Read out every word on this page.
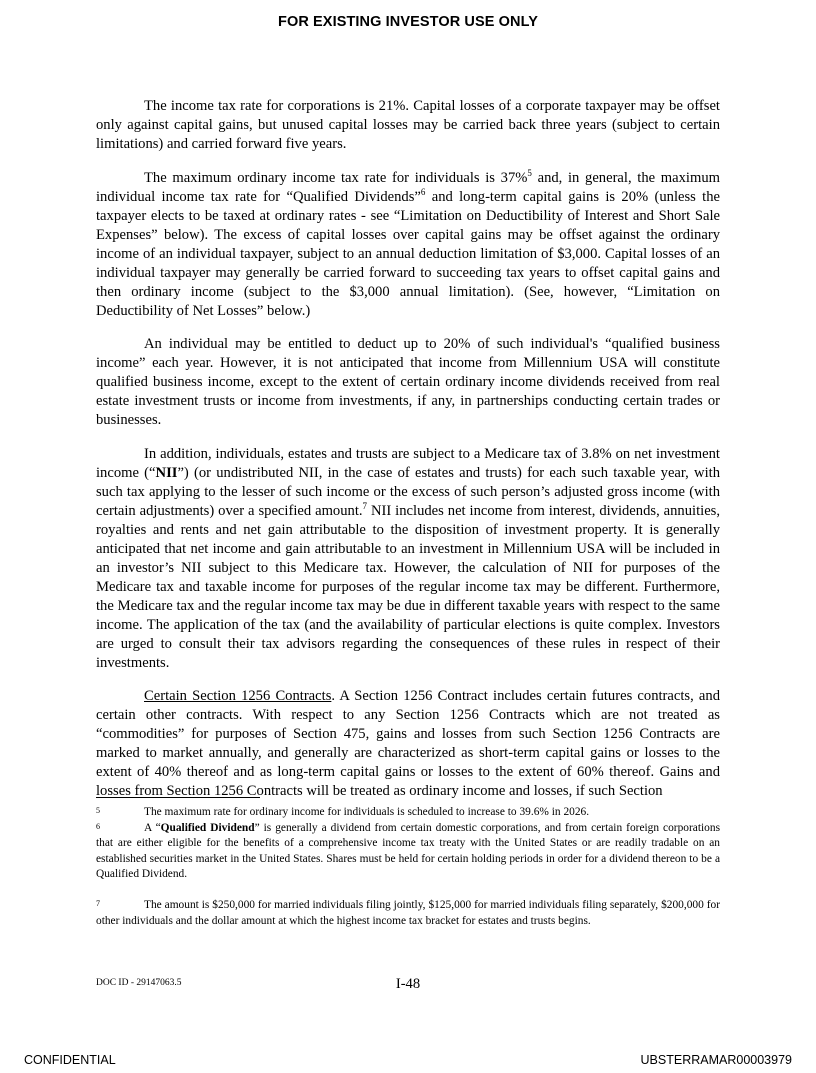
FOR EXISTING INVESTOR USE ONLY

The income tax rate for corporations is 21%. Capital losses of a corporate taxpayer may be offset only against capital gains, but unused capital losses may be carried back three years (subject to certain limitations) and carried forward five years.

The maximum ordinary income tax rate for individuals is 37%$^5$ and, in general, the maximum individual income tax rate for “Qualified Dividends”$^6$ and long-term capital gains is 20% (unless the taxpayer elects to be taxed at ordinary rates - see “Limitation on Deductibility of Interest and Short Sale Expenses” below). The excess of capital losses over capital gains may be offset against the ordinary income of an individual taxpayer, subject to an annual deduction limitation of $3,000. Capital losses of an individual taxpayer may generally be carried forward to succeeding tax years to offset capital gains and then ordinary income (subject to the $3,000 annual limitation). (See, however, “Limitation on Deductibility of Net Losses” below.)

An individual may be entitled to deduct up to 20% of such individual's “qualified business income” each year. However, it is not anticipated that income from Millennium USA will constitute qualified business income, except to the extent of certain ordinary income dividends received from real estate investment trusts or income from investments, if any, in partnerships conducting certain trades or businesses.

In addition, individuals, estates and trusts are subject to a Medicare tax of 3.8% on net investment income (“NII”) (or undistributed NII, in the case of estates and trusts) for each such taxable year, with such tax applying to the lesser of such income or the excess of such person’s adjusted gross income (with certain adjustments) over a specified amount.$^7$ NII includes net income from interest, dividends, annuities, royalties and rents and net gain attributable to the disposition of investment property. It is generally anticipated that net income and gain attributable to an investment in Millennium USA will be included in an investor’s NII subject to this Medicare tax. However, the calculation of NII for purposes of the Medicare tax and taxable income for purposes of the regular income tax may be different. Furthermore, the Medicare tax and the regular income tax may be due in different taxable years with respect to the same income. The application of the tax (and the availability of particular elections is quite complex. Investors are urged to consult their tax advisors regarding the consequences of these rules in respect of their investments.

Certain Section 1256 Contracts. A Section 1256 Contract includes certain futures contracts, and certain other contracts. With respect to any Section 1256 Contracts which are not treated as “commodities” for purposes of Section 475, gains and losses from such Section 1256 Contracts are marked to market annually, and generally are characterized as short-term capital gains or losses to the extent of 40% thereof and as long-term capital gains or losses to the extent of 60% thereof. Gains and losses from Section 1256 Contracts will be treated as ordinary income and losses, if such Section

5	The maximum rate for ordinary income for individuals is scheduled to increase to 39.6% in 2026.
6	A “Qualified Dividend” is generally a dividend from certain domestic corporations, and from certain foreign corporations that are either eligible for the benefits of a comprehensive income tax treaty with the United States or are readily tradable on an established securities market in the United States. Shares must be held for certain holding periods in order for a dividend thereon to be a Qualified Dividend.
7	The amount is $250,000 for married individuals filing jointly, $125,000 for married individuals filing separately, $200,000 for other individuals and the dollar amount at which the highest income tax bracket for estates and trusts begins.
DOC ID - 29147063.5	I-48
CONFIDENTIAL	UBSTERRAMAR00003979
